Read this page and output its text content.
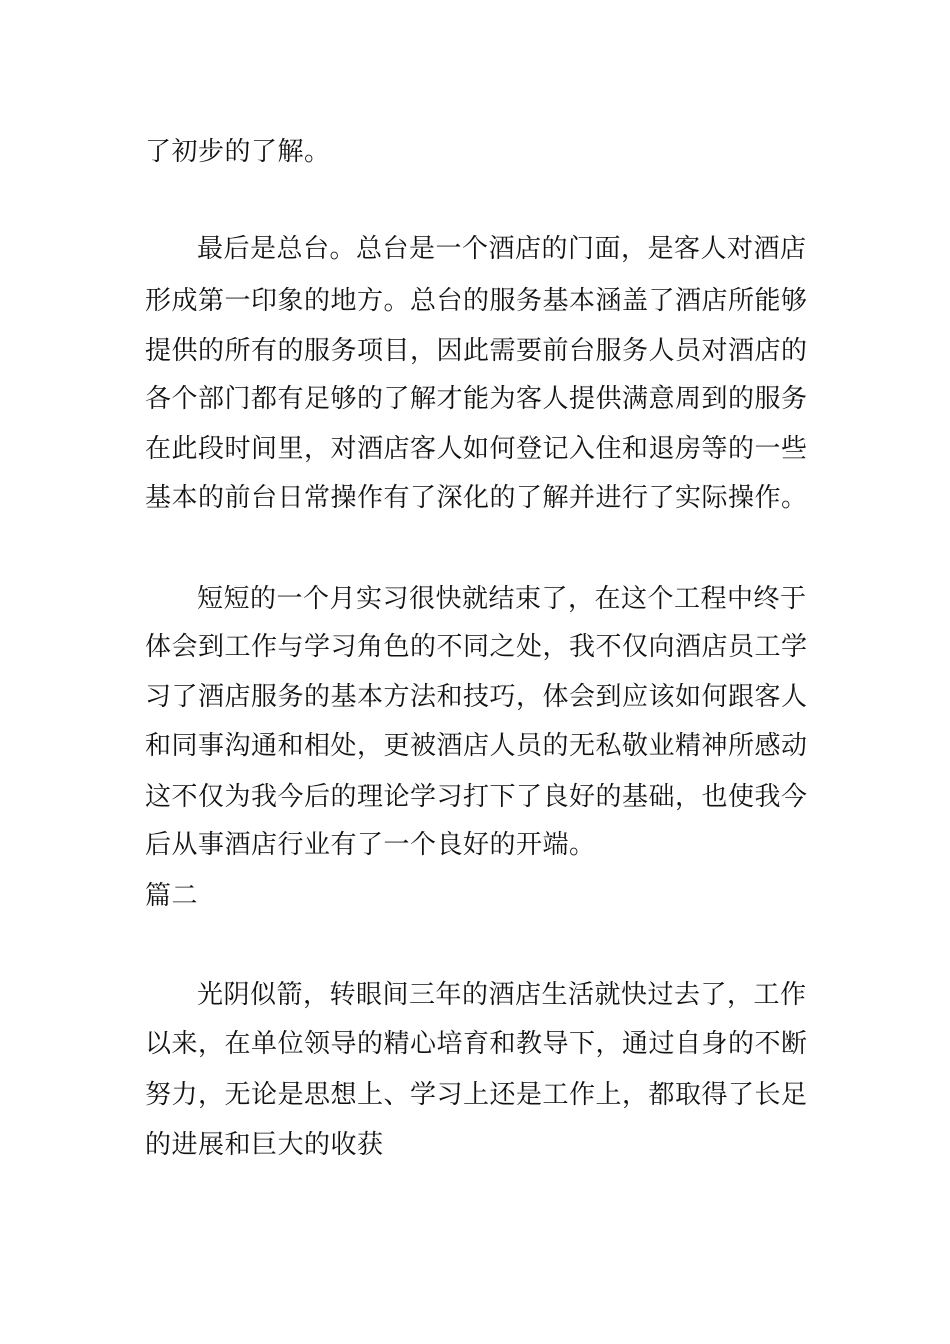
了初步的了解。
最后是总台。总台是一个酒店的门面，是客人对酒店
形成第一印象的地方。总台的服务基本涵盖了酒店所能够
提供的所有的服务项目，因此需要前台服务人员对酒店的
各个部门都有足够的了解才能为客人提供满意周到的服务
在此段时间里，对酒店客人如何登记入住和退房等的一些
基本的前台日常操作有了深化的了解并进行了实际操作。
短短的一个月实习很快就结束了，在这个工程中终于
体会到工作与学习角色的不同之处，我不仅向酒店员工学
习了酒店服务的基本方法和技巧，体会到应该如何跟客人
和同事沟通和相处，更被酒店人员的无私敬业精神所感动
这不仅为我今后的理论学习打下了良好的基础，也使我今
后从事酒店行业有了一个良好的开端。
篇二
光阴似箭，转眼间三年的酒店生活就快过去了，工作
以来，在单位领导的精心培育和教导下，通过自身的不断
努力，无论是思想上、学习上还是工作上，都取得了长足
的进展和巨大的收获
